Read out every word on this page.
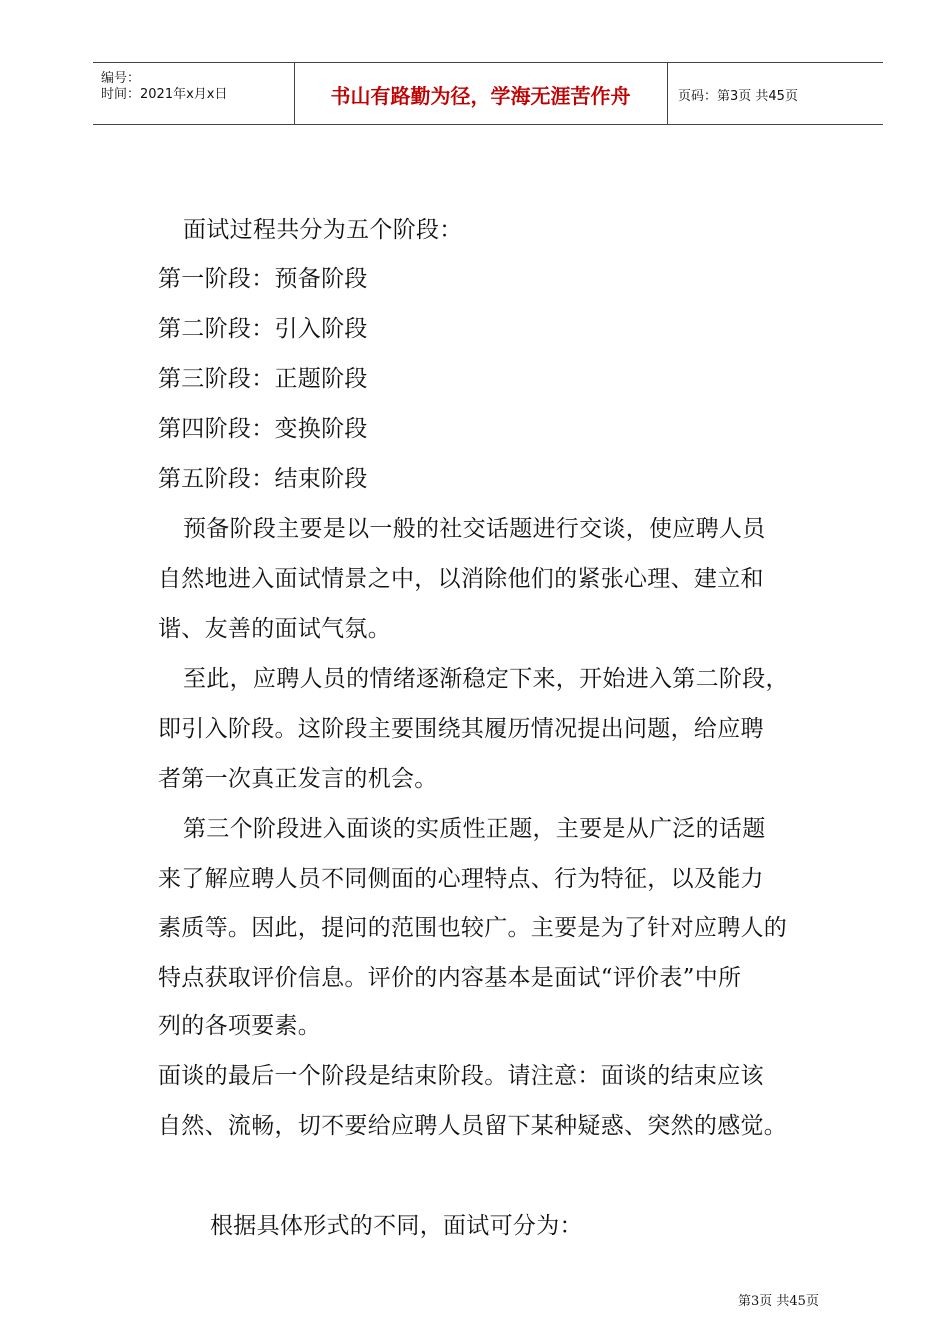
编号：
时间：2021年x月x日	书山有路勤为径，学海无涯苦作舟	页码：第3页 共45页
面试过程共分为五个阶段：
第一阶段：预备阶段
第二阶段：引入阶段
第三阶段：正题阶段
第四阶段：变换阶段
第五阶段：结束阶段
预备阶段主要是以一般的社交话题进行交谈，使应聘人员
自然地进入面试情景之中，以消除他们的紧张心理、建立和
谐、友善的面试气氛。
至此，应聘人员的情绪逐渐稳定下来，开始进入第二阶段，
即引入阶段。这阶段主要围绕其履历情况提出问题，给应聘
者第一次真正发言的机会。
第三个阶段进入面谈的实质性正题，主要是从广泛的话题
来了解应聘人员不同侧面的心理特点、行为特征，以及能力
素质等。因此，提问的范围也较广。主要是为了针对应聘人的
特点获取评价信息。评价的内容基本是面试“评价表”中所
列的各项要素。
面谈的最后一个阶段是结束阶段。请注意：面谈的结束应该
自然、流畅，切不要给应聘人员留下某种疑惑、突然的感觉。
根据具体形式的不同，面试可分为：
第3页 共45页
